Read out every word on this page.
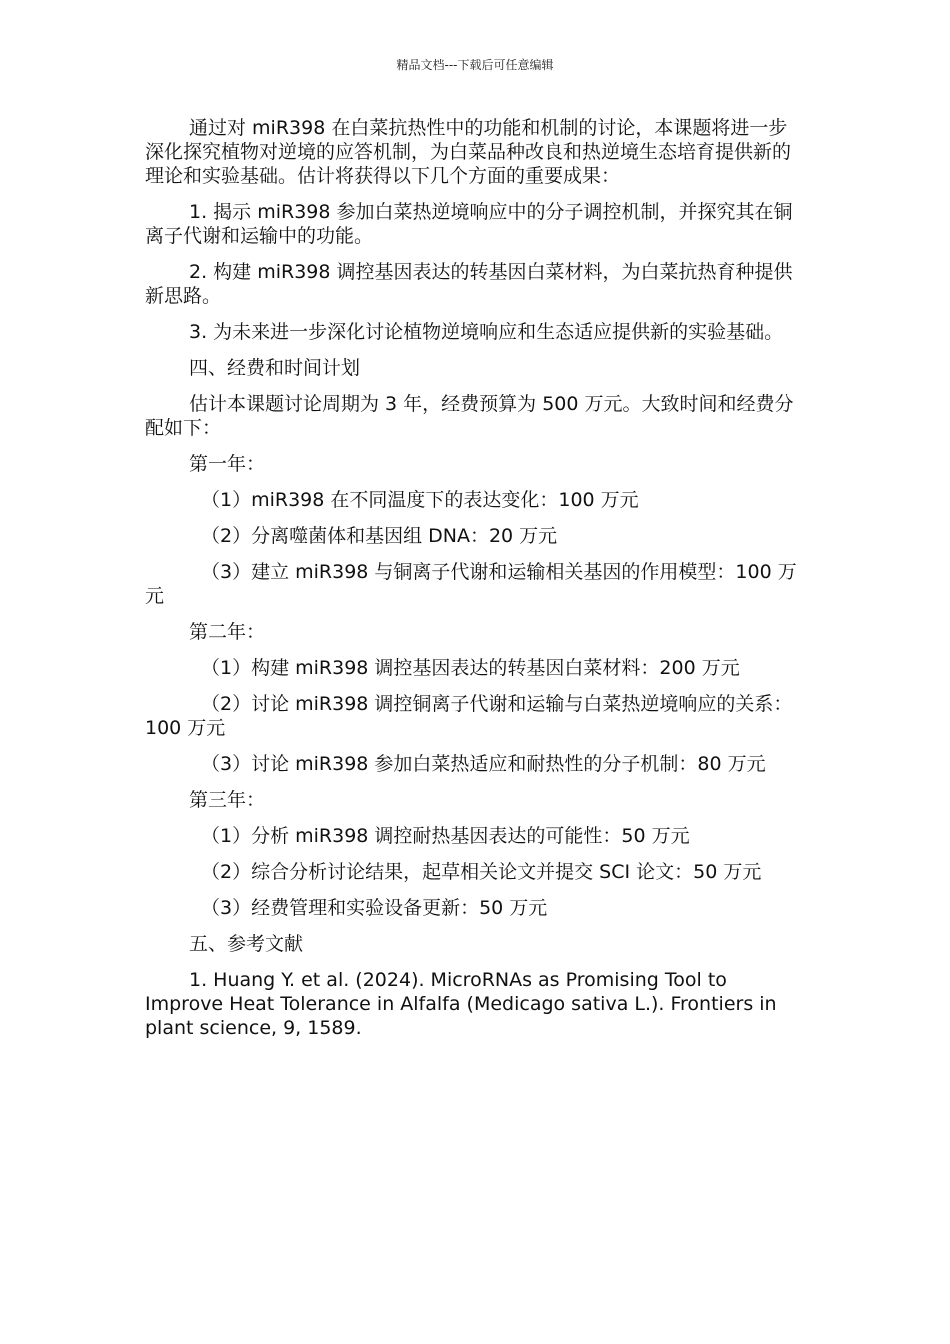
精品文档---下载后可任意编辑

通过对 miR398 在白菜抗热性中的功能和机制的讨论，本课题将进一步深化探究植物对逆境的应答机制，为白菜品种改良和热逆境生态培育提供新的理论和实验基础。估计将获得以下几个方面的重要成果：

1. 揭示 miR398 参加白菜热逆境响应中的分子调控机制，并探究其在铜离子代谢和运输中的功能。

2. 构建 miR398 调控基因表达的转基因白菜材料，为白菜抗热育种提供新思路。

3. 为未来进一步深化讨论植物逆境响应和生态适应提供新的实验基础。

四、经费和时间计划

估计本课题讨论周期为 3 年，经费预算为 500 万元。大致时间和经费分配如下：

第一年：

（1）miR398 在不同温度下的表达变化：100 万元

（2）分离噬菌体和基因组 DNA：20 万元

（3）建立 miR398 与铜离子代谢和运输相关基因的作用模型：100 万元

第二年：

（1）构建 miR398 调控基因表达的转基因白菜材料：200 万元

（2）讨论 miR398 调控铜离子代谢和运输与白菜热逆境响应的关系：100 万元

（3）讨论 miR398 参加白菜热适应和耐热性的分子机制：80 万元

第三年：

（1）分析 miR398 调控耐热基因表达的可能性：50 万元

（2）综合分析讨论结果，起草相关论文并提交 SCI 论文：50 万元

（3）经费管理和实验设备更新：50 万元

五、参考文献

1. Huang Y. et al. (2024). MicroRNAs as Promising Tool to Improve Heat Tolerance in Alfalfa (Medicago sativa L.). Frontiers in plant science, 9, 1589.
